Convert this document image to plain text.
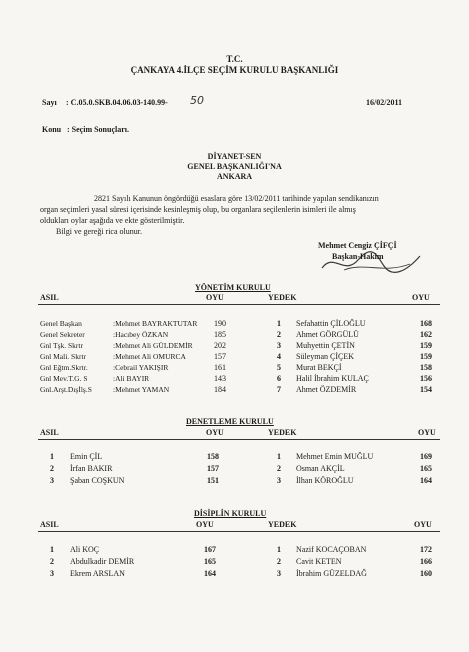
T.C.
ÇANKAYA 4.İLÇE SEÇİM KURULU BAŞKANLIĞI
Sayı : C.05.0.SKB.04.06.03-140.99- 50	16/02/2011
Konu : Seçim Sonuçları.
DİYANET-SEN
GENEL BAŞKANLIĞI'NA
ANKARA
2821 Sayılı Kanunun öngördüğü esaslara göre 13/02/2011 tarihinde yapılan sendikanızın
organ seçimleri yasal süresi içerisinde kesinleşmiş olup, bu organlara seçilenlerin isimleri ile almış
oldukları oylar aşağıda ve ekte gösterilmiştir.
Bilgi ve gereği rica olunur.
Mehmet Cengiz ÇİFÇİ
Başkan-Hakim
YÖNETİM KURULU
ASIL	OYU	YEDEK	OYU
Genel Başkan	:Mehmet BAYRAKTUTAR 190	1 Sefahattin ÇİLOĞLU	168
Genel Sekreter	:Hacıbey ÖZKAN	185	2 Ahmet GÖRGÜLÜ	162
Gnl Tşk. Skrtr	:Mehmet Ali GÜLDEMİR	202	3 Muhyettin ÇETİN	159
Gnl Mali. Skrtr	:Mehmet Ali OMURCA	157	4 Süleyman ÇİÇEK	159
Gnl Eğtm.Skrtr.	:Cebrail YAKIŞIR	161	5 Murat BEKÇİ	158
Gnl Mev.T.G. S	:Ali BAYIR	143	6 Halil İbrahim KULAÇ	156
Gnl.Arşt.Dışİlş.S	:Mehmet YAMAN	184	7 Ahmet ÖZDEMİR	154
DENETLEME KURULU
ASIL	OYU	YEDEK	OYU
1 Emin ÇİL	158	1 Mehmet Emin MUĞLU	169
2 İrfan BAKIR	157	2 Osman AKÇİL	165
3 Şaban COŞKUN	151	3 İlhan KÖROĞLU	164
DİSİPLİN KURULU
ASIL	OYU	YEDEK	OYU
1 Ali KOÇ	167	1 Nazif KOCAÇOBAN	172
2 Abdulkadir DEMİR	165	2 Cavit KETEN	166
3 Ekrem ARSLAN	164	3 İbrahim GÜZELDAĞ	160
